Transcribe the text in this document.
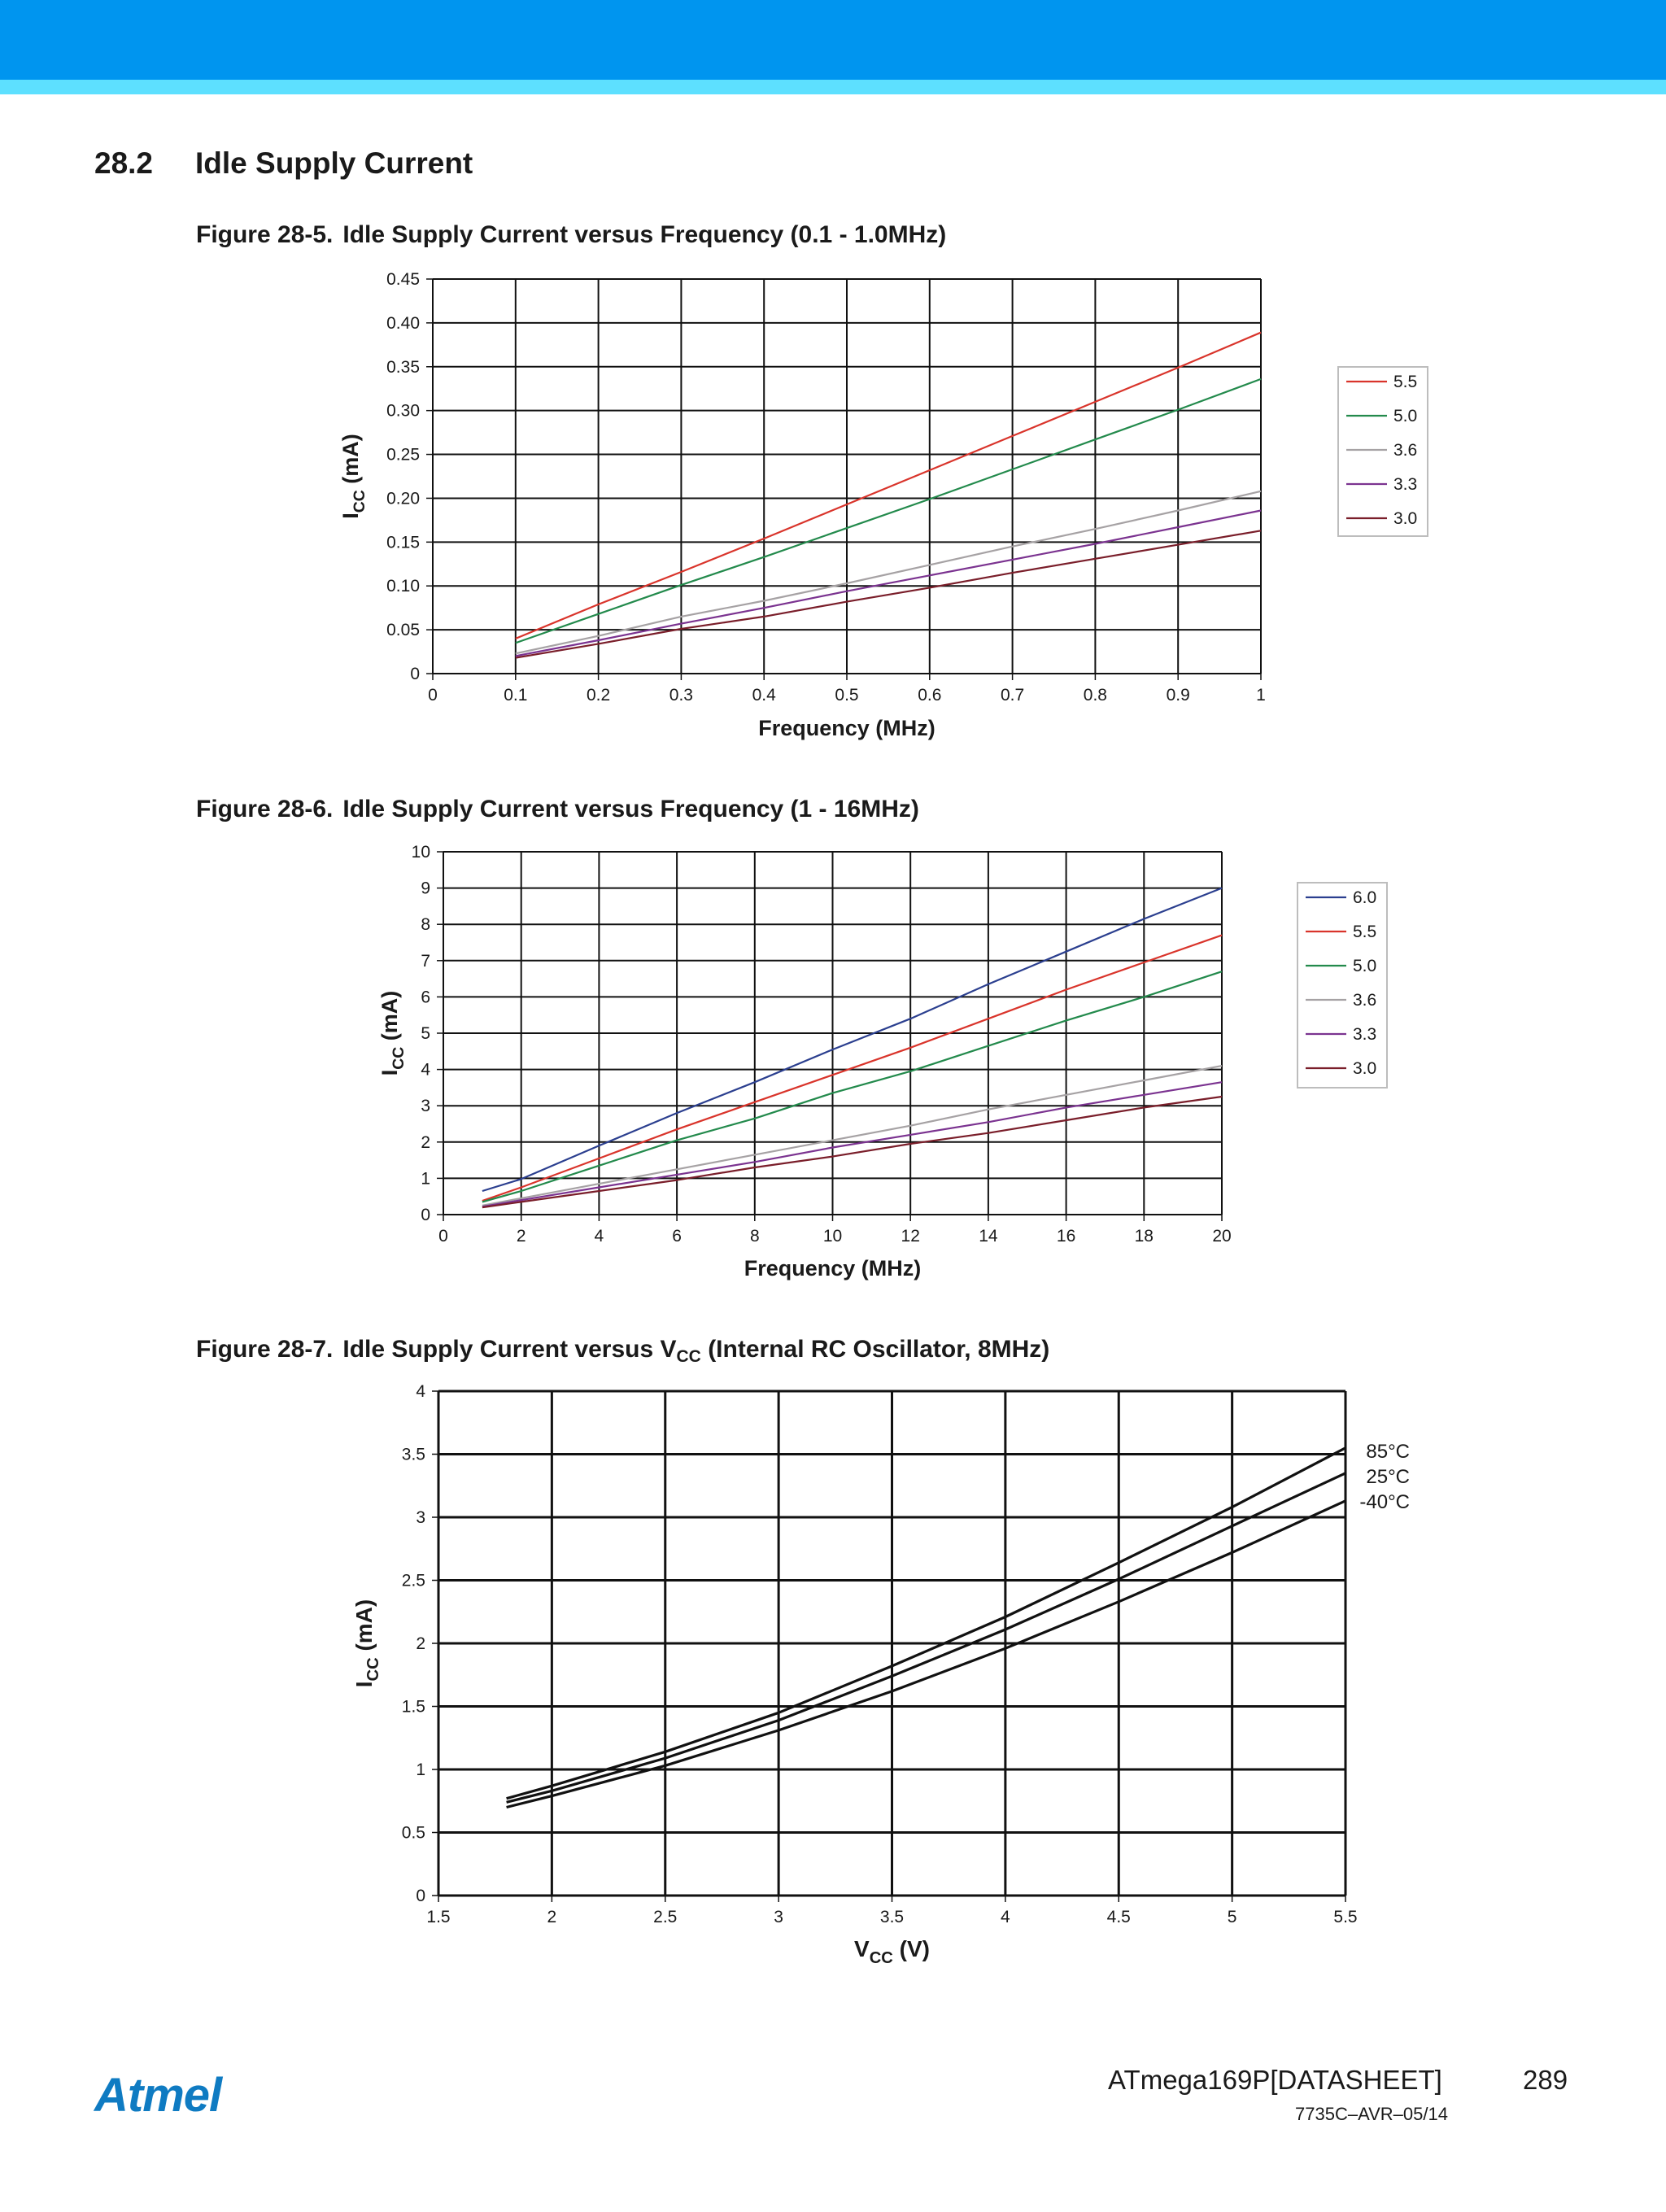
28.2 Idle Supply Current
Figure 28-5. Idle Supply Current versus Frequency (0.1 - 1.0MHz)
0	0.1	0.2	0.3	0.4	0.5	0.6	0.7	0.8	0.9	1
0
0.05
0.10
0.15
0.20
0.25
0.30
0.35
0.40
0.45
Frequency (MHz)
$I_{CC}$ (mA)
5.5
5.0
3.6
3.3
3.0
Figure 28-6. Idle Supply Current versus Frequency (1 - 16MHz)
0	2	4	6	8	10	12	14	16	18	20
0
1
2
3
4
5
6
7
8
9
10
Frequency (MHz)
$I_{CC}$ (mA)
6.0
5.5
5.0
3.6
3.3
3.0
Figure 28-7. Idle Supply Current versus $V_{CC}$ (Internal RC Oscillator, 8MHz)
1.5	2	2.5	3	3.5	4	4.5	5	5.5
0
0.5
1
1.5
2
2.5
3
3.5
4
$V_{CC}$ (V)
$I_{CC}$ (mA)
85°C
25°C
-40°C
Atmel	ATmega169P[DATASHEET]	289
7735C–AVR–05/14
